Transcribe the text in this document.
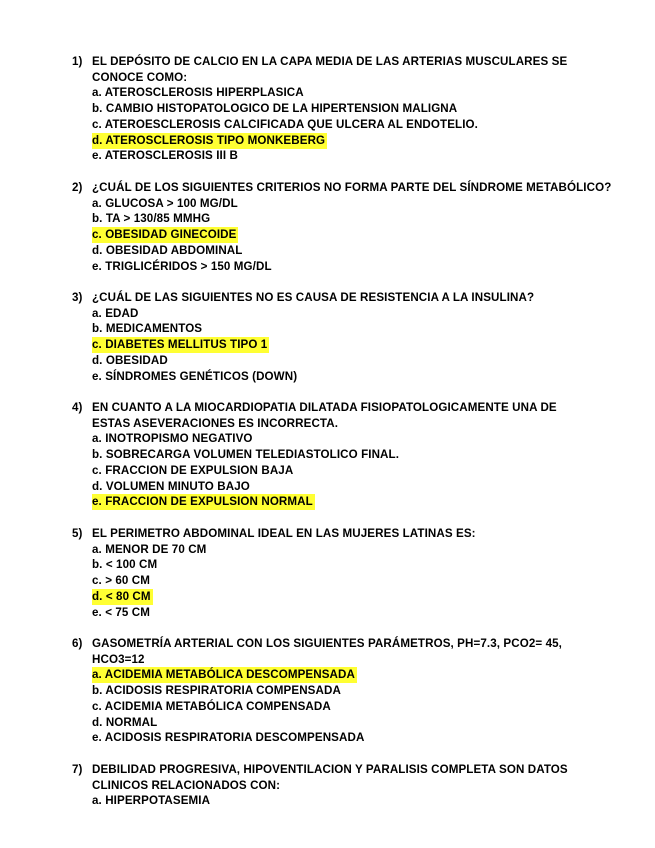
1) EL DEPÓSITO DE CALCIO EN LA CAPA MEDIA DE LAS ARTERIAS MUSCULARES SE
CONOCE COMO:
a. ATEROSCLEROSIS HIPERPLASICA
b. CAMBIO HISTOPATOLOGICO DE LA HIPERTENSION MALIGNA
c. ATEROESCLEROSIS CALCIFICADA QUE ULCERA AL ENDOTELIO.
d. ATEROSCLEROSIS TIPO MONKEBERG
e. ATEROSCLEROSIS III B
2) ¿CUÁL DE LOS SIGUIENTES CRITERIOS NO FORMA PARTE DEL SÍNDROME METABÓLICO?
a. GLUCOSA > 100 MG/DL
b. TA > 130/85 MMHG
c. OBESIDAD GINECOIDE
d. OBESIDAD ABDOMINAL
e. TRIGLICÉRIDOS > 150 MG/DL
3) ¿CUÁL DE LAS SIGUIENTES NO ES CAUSA DE RESISTENCIA A LA INSULINA?
a. EDAD
b. MEDICAMENTOS
c. DIABETES MELLITUS TIPO 1
d. OBESIDAD
e. SÍNDROMES GENÉTICOS (DOWN)
4) EN CUANTO A LA MIOCARDIOPATIA DILATADA FISIOPATOLOGICAMENTE UNA DE
ESTAS ASEVERACIONES ES INCORRECTA.
a. INOTROPISMO NEGATIVO
b. SOBRECARGA VOLUMEN TELEDIASTOLICO FINAL.
c. FRACCION DE EXPULSION BAJA
d. VOLUMEN MINUTO BAJO
e. FRACCION DE EXPULSION NORMAL
5) EL PERIMETRO ABDOMINAL IDEAL EN LAS MUJERES LATINAS ES:
a. MENOR DE 70 CM
b. < 100 CM
c. > 60 CM
d. < 80 CM
e. < 75 CM
6) GASOMETRÍA ARTERIAL CON LOS SIGUIENTES PARÁMETROS, PH=7.3, PCO2= 45,
HCO3=12
a. ACIDEMIA METABÓLICA DESCOMPENSADA
b. ACIDOSIS RESPIRATORIA COMPENSADA
c. ACIDEMIA METABÓLICA COMPENSADA
d. NORMAL
e. ACIDOSIS RESPIRATORIA DESCOMPENSADA
7) DEBILIDAD PROGRESIVA, HIPOVENTILACION Y PARALISIS COMPLETA SON DATOS
CLINICOS RELACIONADOS CON:
a. HIPERPOTASEMIA
